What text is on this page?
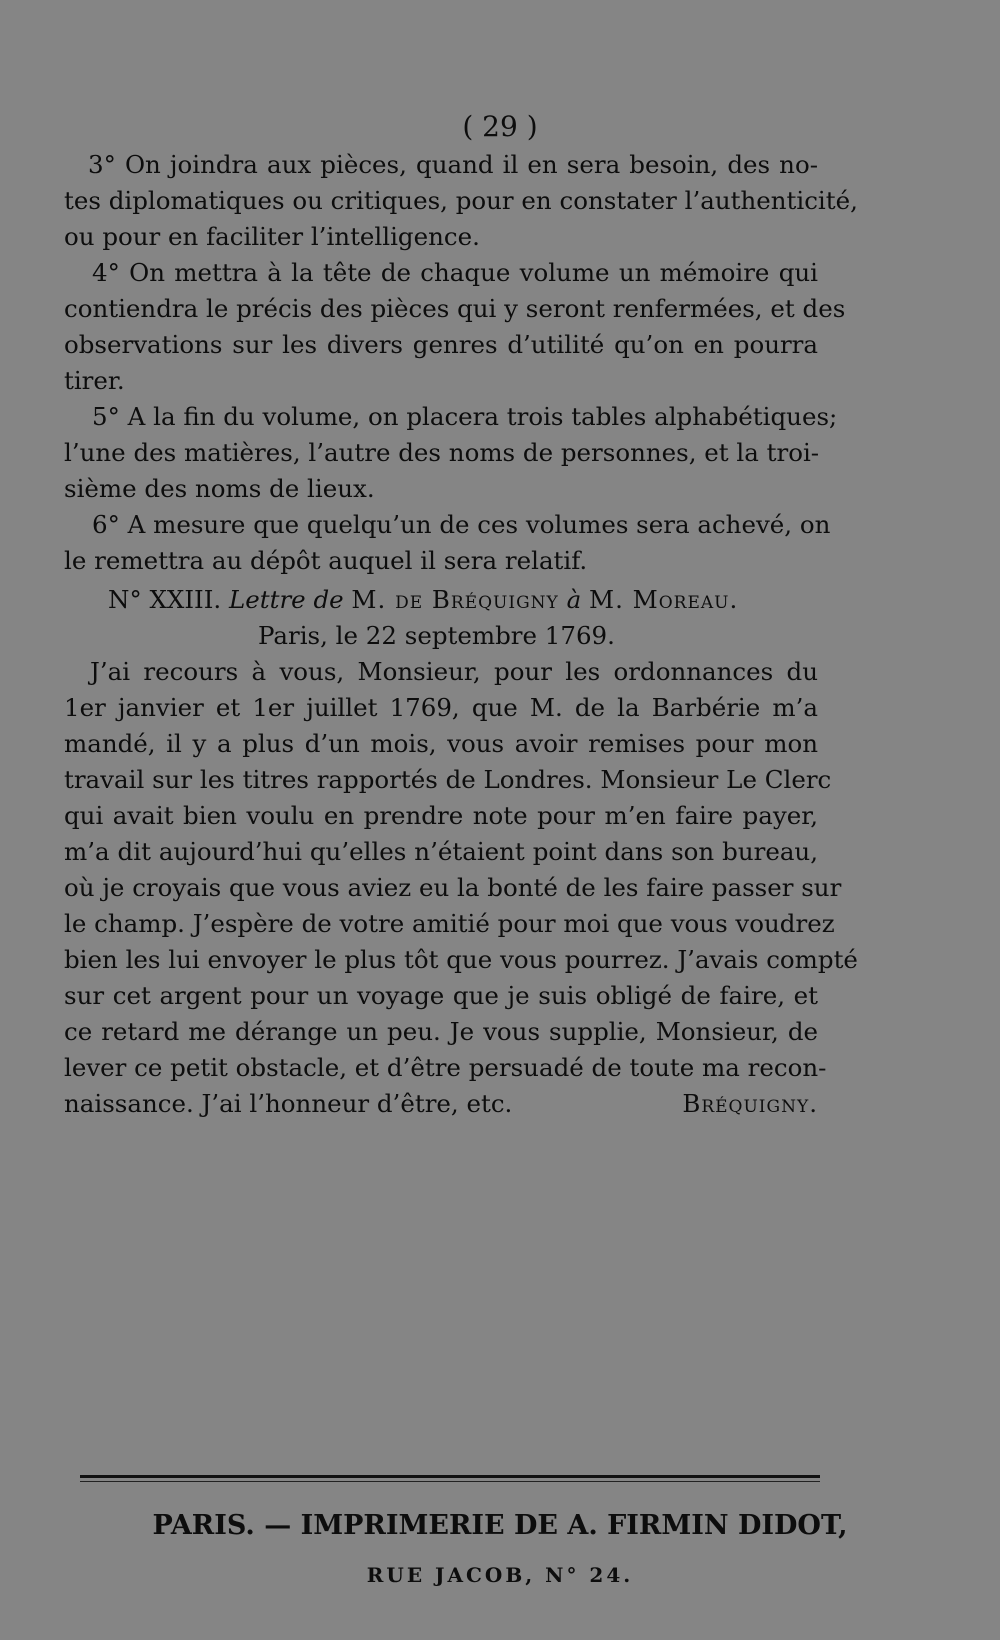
( 29 )
3° On joindra aux pièces, quand il en sera besoin, des no-
tes diplomatiques ou critiques, pour en constater l’authenticité,
ou pour en faciliter l’intelligence.
4° On mettra à la tête de chaque volume un mémoire qui
contiendra le précis des pièces qui y seront renfermées, et des
observations sur les divers genres d’utilité qu’on en pourra
tirer.
5° A la fin du volume, on placera trois tables alphabétiques;
l’une des matières, l’autre des noms de personnes, et la troi-
sième des noms de lieux.
6° A mesure que quelqu’un de ces volumes sera achevé, on
le remettra au dépôt auquel il sera relatif.
N° XXIII. Lettre de M. de Bréquigny à M. Moreau.
Paris, le 22 septembre 1769.
J’ai recours à vous, Monsieur, pour les ordonnances du
1er janvier et 1er juillet 1769, que M. de la Barbérie m’a
mandé, il y a plus d’un mois, vous avoir remises pour mon
travail sur les titres rapportés de Londres. Monsieur Le Clerc
qui avait bien voulu en prendre note pour m’en faire payer,
m’a dit aujourd’hui qu’elles n’étaient point dans son bureau,
où je croyais que vous aviez eu la bonté de les faire passer sur
le champ. J’espère de votre amitié pour moi que vous voudrez
bien les lui envoyer le plus tôt que vous pourrez. J’avais compté
sur cet argent pour un voyage que je suis obligé de faire, et
ce retard me dérange un peu. Je vous supplie, Monsieur, de
lever ce petit obstacle, et d’être persuadé de toute ma recon-
naissance. J’ai l’honneur d’être, etc.	Bréquigny.
PARIS. — IMPRIMERIE DE A. FIRMIN DIDOT,
RUE JACOB, N° 24.
